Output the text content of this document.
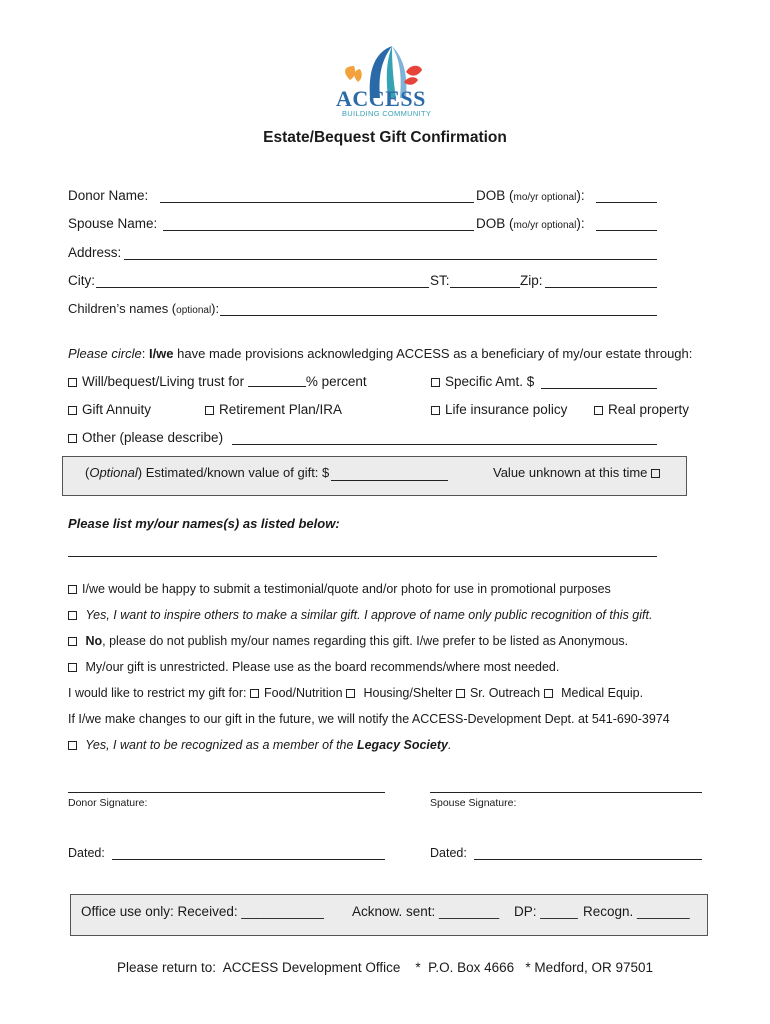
ACCESS
BUILDING COMMUNITY
Estate/Bequest Gift Confirmation
Donor Name:	DOB (mo/yr optional):
Spouse Name:	DOB (mo/yr optional):
Address:
City:	ST:	Zip:
Children’s names (optional):
Please circle: I/we have made provisions acknowledging ACCESS as a beneficiary of my/our estate through:
Will/bequest/Living trust for	% percent	Specific Amt. $
Gift Annuity	Retirement Plan/IRA	Life insurance policy	Real property
Other (please describe)
(Optional) Estimated/known value of gift: $	Value unknown at this time
Please list my/our names(s) as listed below:
I/we would be happy to submit a testimonial/quote and/or photo for use in promotional purposes
Yes, I want to inspire others to make a similar gift. I approve of name only public recognition of this gift.
No, please do not publish my/our names regarding this gift. I/we prefer to be listed as Anonymous.
My/our gift is unrestricted. Please use as the board recommends/where most needed.
I would like to restrict my gift for: Food/Nutrition Housing/Shelter Sr. Outreach Medical Equip.
If I/we make changes to our gift in the future, we will notify the ACCESS-Development Dept. at 541-690-3974
Yes, I want to be recognized as a member of the Legacy Society.
Donor Signature:	Spouse Signature:
Dated:	Dated:
Office use only: Received: ___________ Acknow. sent: ________ DP: _____ Recogn. _______
Please return to:  ACCESS Development Office    *  P.O. Box 4666   * Medford, OR 97501
